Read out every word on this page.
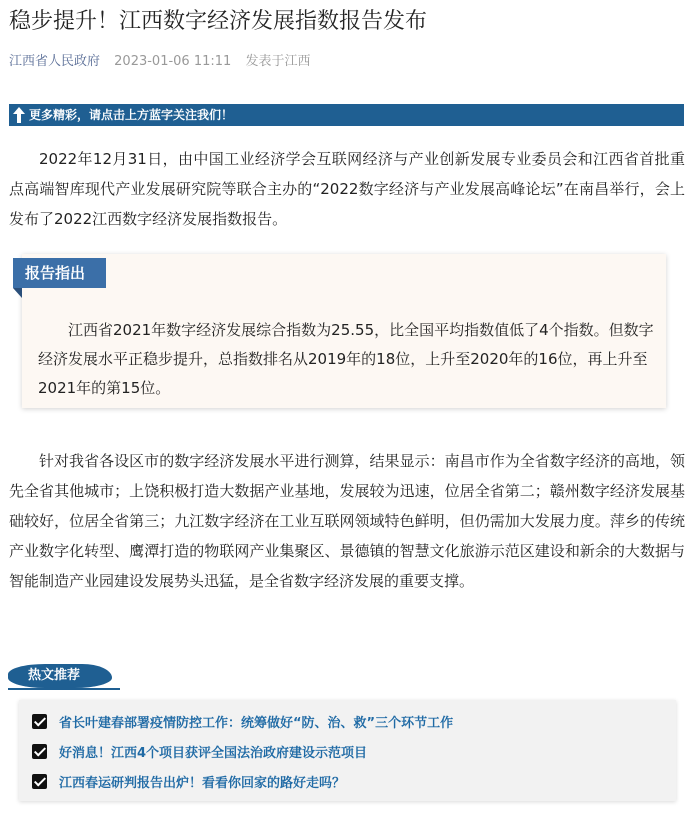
稳步提升！江西数字经济发展指数报告发布
江西省人民政府 2023-01-06 11:11 发表于江西
更多精彩，请点击上方蓝字关注我们！

2022年12月31日，由中国工业经济学会互联网经济与产业创新发展专业委员会和江西省首批重点高端智库现代产业发展研究院等联合主办的“2022数字经济与产业发展高峰论坛”在南昌举行，会上发布了2022江西数字经济发展指数报告。

报告指出

江西省2021年数字经济发展综合指数为25.55，比全国平均指数值低了4个指数。但数字经济发展水平正稳步提升，总指数排名从2019年的18位，上升至2020年的16位，再上升至2021年的第15位。

针对我省各设区市的数字经济发展水平进行测算，结果显示：南昌市作为全省数字经济的高地，领先全省其他城市；上饶积极打造大数据产业基地，发展较为迅速，位居全省第二；赣州数字经济发展基础较好，位居全省第三；九江数字经济在工业互联网领域特色鲜明，但仍需加大发展力度。萍乡的传统产业数字化转型、鹰潭打造的物联网产业集聚区、景德镇的智慧文化旅游示范区建设和新余的大数据与智能制造产业园建设发展势头迅猛，是全省数字经济发展的重要支撑。

热文推荐
省长叶建春部署疫情防控工作：统筹做好“防、治、救”三个环节工作
好消息！江西4个项目获评全国法治政府建设示范项目
江西春运研判报告出炉！看看你回家的路好走吗？
